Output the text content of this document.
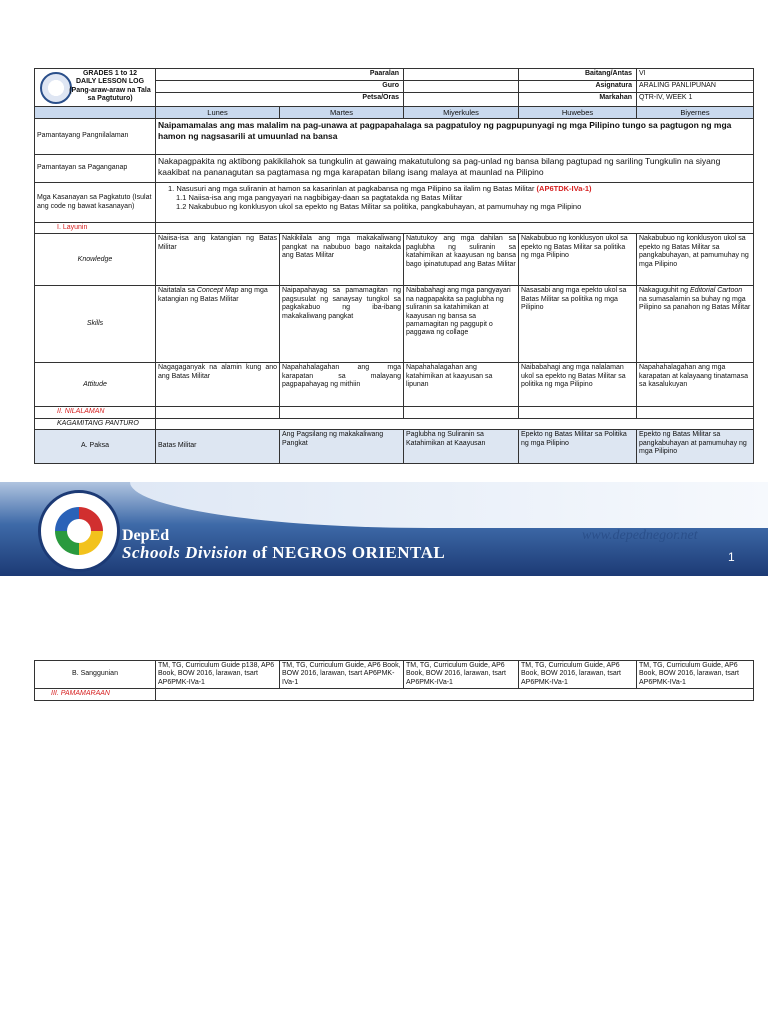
GRADES 1 to 12
DAILY LESSON LOG
(Pang-araw-araw na Tala sa Pagtuturo)	Paaralan			Baitang/Antas	VI
	Guro			Asignatura	ARALING PANLIPUNAN
	Petsa/Oras			Markahan	QTR-IV, WEEK 1
	Lunes	Martes	Miyerkules	Huwebes	Biyernes
Pamantayang Pangnilalaman	Naipamamalas ang mas malalim na pag-unawa at pagpapahalaga sa pagpatuloy ng pagpupunyagi ng mga Pilipino tungo sa pagtugon ng mga hamon ng nagsasarili at umuunlad na bansa				
Pamantayan sa Paganganap	Nakapagpakita ng aktibong pakikilahok sa tungkulin at gawaing makatutulong sa pag-unlad ng bansa bilang pagtupad ng sariling Tungkulin na siyang kaakibat na pananagutan sa pagtamasa ng mga karapatan bilang isang malaya at maunlad na Pilipino				
Mga Kasanayan sa Pagkatuto (Isulat ang code ng bawat kasanayan)	1. Nasusuri ang mga suliranin at hamon sa kasarinlan at pagkabansa ng mga Pilipino sa ilalim ng Batas Militar (AP6TDK-IVa-1)
1.1 Naiisa-isa ang mga pangyayari na nagbibigay-daan sa pagtatakda ng Batas Militar
1.2 Nakabubuo ng konklusyon ukol sa epekto ng Batas Militar sa politika, pangkabuhayan, at pamumuhay ng mga Pilipino				

I. Layunin					
Knowledge	Naiisa-isa ang katangian ng Batas Militar	Nakikilala ang mga makakaliwang pangkat na nabubuo bago naitakda ang Batas Militar	Natutukoy ang mga dahilan sa paglubha ng suliranin sa katahimikan at kaayusan ng bansa bago ipinatutupad ang Batas Militar	Nakabubuo ng konklusyon ukol sa epekto ng Batas Militar sa politika ng mga Pilipino	Nakabubuo ng konklusyon ukol sa epekto ng Batas Militar sa pangkabuhayan, at pamumuhay ng mga Pilipino
Skills	Naitatala sa Concept Map ang mga katangian ng Batas Militar	Naipapahayag sa pamamagitan ng pagsusulat ng sanaysay tungkol sa pagkakabuo ng iba-ibang makakaliwang pangkat	Naibabahagi ang mga pangyayari na nagpapakita sa paglubha ng suliranin sa katahimikan at kaayusan ng bansa sa pamamagitan ng paggupit o paggawa ng collage	Nasasabi ang mga epekto ukol sa Batas Militar sa politika ng mga Pilipino	Nakaguguhit ng Editorial Cartoon na sumasalamin sa buhay ng mga Pilipino sa panahon ng Batas Militar
Attitude	Nagagaganyak na alamin kung ano ang Batas Militar	Napahahalagahan ang mga karapatan sa malayang pagpapahayag ng mithiin	Napahahalagahan ang katahimikan at kaayusan sa lipunan	Naibabahagi ang mga nalalaman ukol sa epekto ng Batas Militar sa politika ng mga Pilipino	Napahahalagahan ang mga karapatan at kalayaang tinatamasa sa kasalukuyan
II. NILALAMAN					
KAGAMITANG PANTURO					
A. Paksa	Batas Militar	Ang Pagsilang ng makakaliwang Pangkat	Paglubha ng Suliranin sa Katahimikan at Kaayusan	Epekto ng Batas Militar sa Politika ng mga Pilipino	Epekto ng Batas Militar sa pangkabuhayan at pamumuhay ng mga Pilipino
DepEd
Schools Division of NEGROS ORIENTAL
www.depednegor.net
1
B. Sanggunian	TM, TG, Curriculum Guide p138, AP6 Book, BOW 2016, larawan, tsart AP6PMK-IVa-1	TM, TG, Curriculum Guide, AP6 Book, BOW 2016, larawan, tsart AP6PMK-IVa-1	TM, TG, Curriculum Guide, AP6 Book, BOW 2016, larawan, tsart AP6PMK-IVa-1	TM, TG, Curriculum Guide, AP6 Book, BOW 2016, larawan, tsart AP6PMK-IVa-1	TM, TG, Curriculum Guide, AP6 Book, BOW 2016, larawan, tsart AP6PMK-IVa-1
III. PAMAMARAAN					
